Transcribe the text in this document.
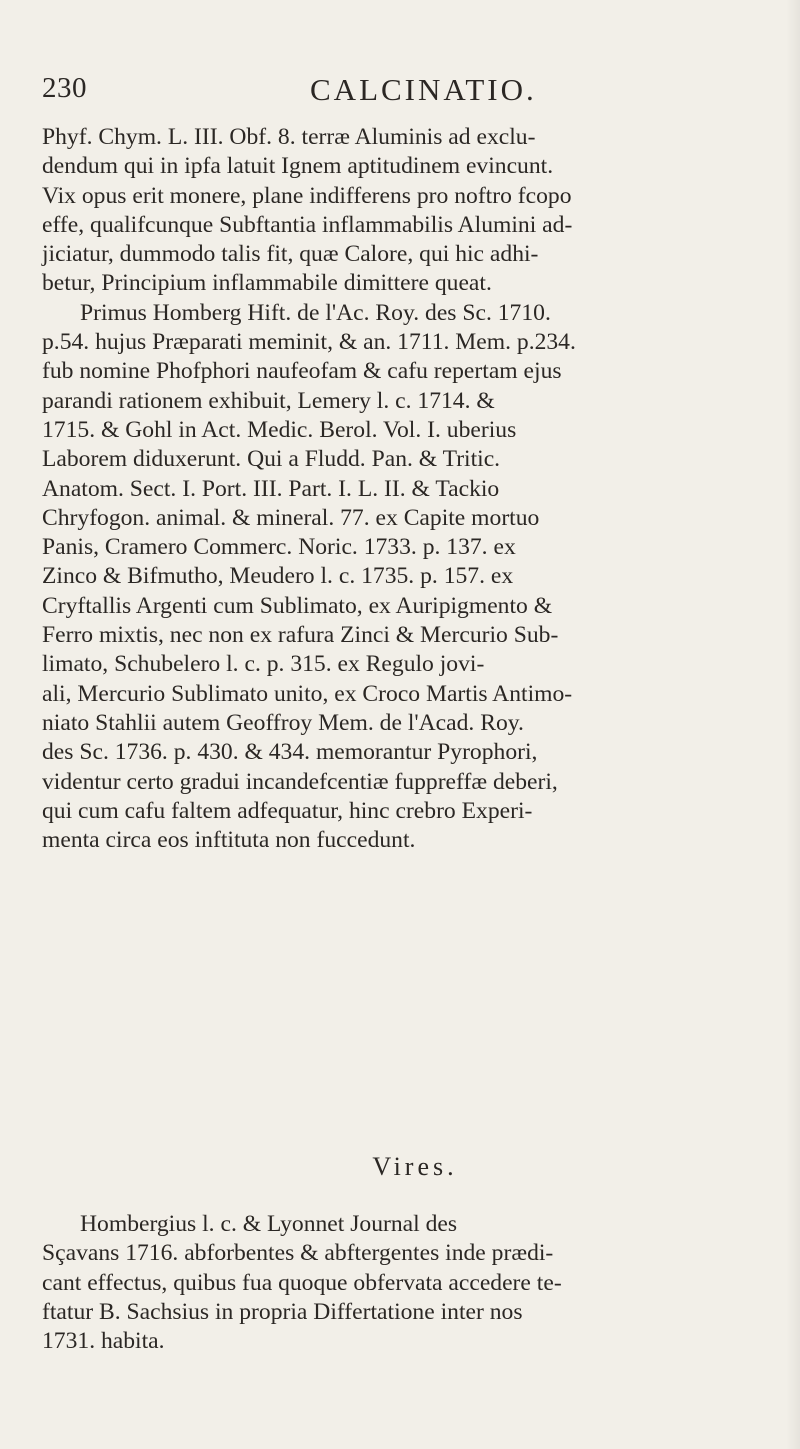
230	CALCINATIO.
Phyf. Chym. L. III. Obf. 8. terræ Aluminis ad exclu-
dendum qui in ipfa latuit Ignem aptitudinem evincunt.
Vix opus erit monere, plane indifferens pro noftro fcopo
effe, qualifcunque Subftantia inflammabilis Alumini ad-
jiciatur, dummodo talis fit, quæ Calore, qui hic adhi-
betur, Principium inflammabile dimittere queat.
Primus Homberg Hift. de l'Ac. Roy. des Sc. 1710.
p.54. hujus Præparati meminit, & an. 1711. Mem. p.234.
fub nomine Phofphori naufeofam & cafu repertam ejus
parandi rationem exhibuit, Lemery l. c. 1714. &
1715. & Gohl in Act. Medic. Berol. Vol. I. uberius
Laborem diduxerunt. Qui a Fludd. Pan. & Tritic.
Anatom. Sect. I. Port. III. Part. I. L. II. & Tackio
Chryfogon. animal. & mineral. 77. ex Capite mortuo
Panis, Cramero Commerc. Noric. 1733. p. 137. ex
Zinco & Bifmutho, Meudero l. c. 1735. p. 157. ex
Cryftallis Argenti cum Sublimato, ex Auripigmento &
Ferro mixtis, nec non ex rafura Zinci & Mercurio Sub-
limato, Schubelero l. c. p. 315. ex Regulo jovi-
ali, Mercurio Sublimato unito, ex Croco Martis Antimo-
niato Stahlii autem Geoffroy Mem. de l'Acad. Roy.
des Sc. 1736. p. 430. & 434. memorantur Pyrophori,
videntur certo gradui incandefcentiæ fuppreffæ deberi,
qui cum cafu faltem adfequatur, hinc crebro Experi-
menta circa eos inftituta non fuccedunt.
Vires.
Hombergius l. c. & Lyonnet Journal des
Sçavans 1716. abforbentes & abftergentes inde prædi-
cant effectus, quibus fua quoque obfervata accedere te-
ftatur B. Sachsius in propria Differtatione inter nos
1731. habita.
